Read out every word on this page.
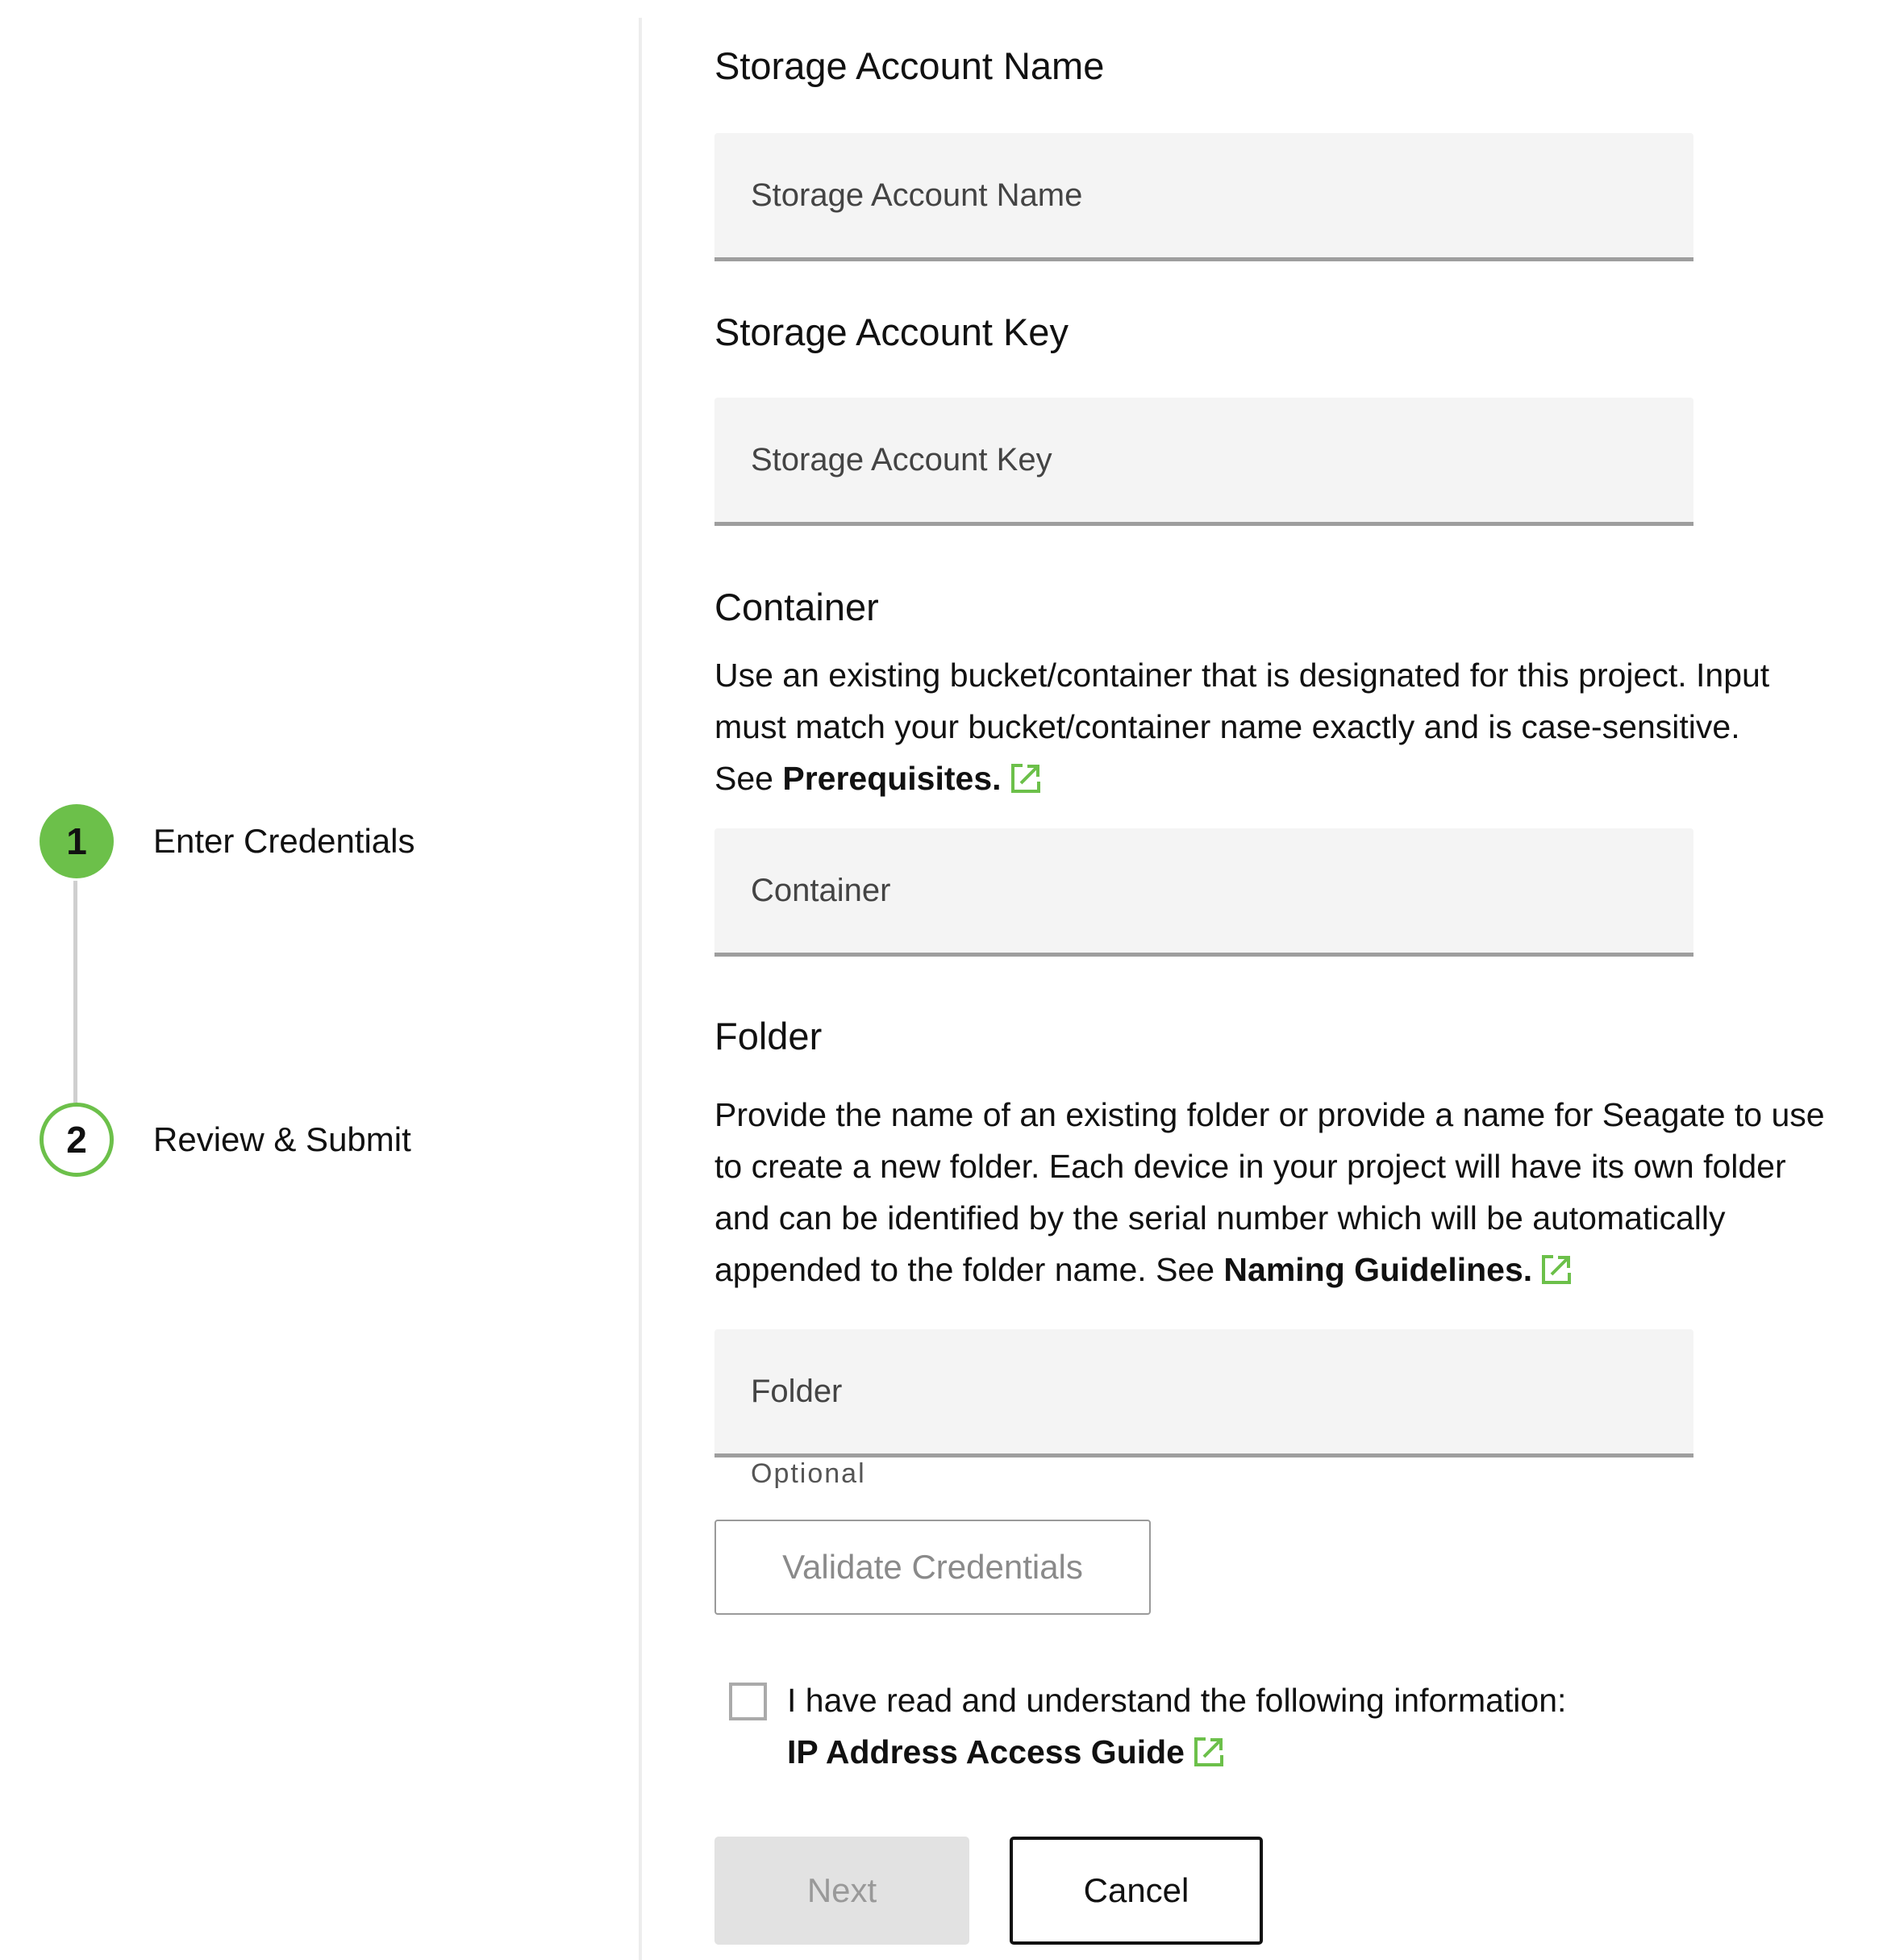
1 Enter Credentials
2 Review & Submit
Storage Account Name
Storage Account Name
Storage Account Key
Storage Account Key
Container
Use an existing bucket/container that is designated for this project. Input
must match your bucket/container name exactly and is case-sensitive.
See Prerequisites.
Container
Folder
Provide the name of an existing folder or provide a name for Seagate to use
to create a new folder. Each device in your project will have its own folder
and can be identified by the serial number which will be automatically
appended to the folder name. See Naming Guidelines.
Folder
Optional
Validate Credentials
I have read and understand the following information:
IP Address Access Guide
Next	Cancel
